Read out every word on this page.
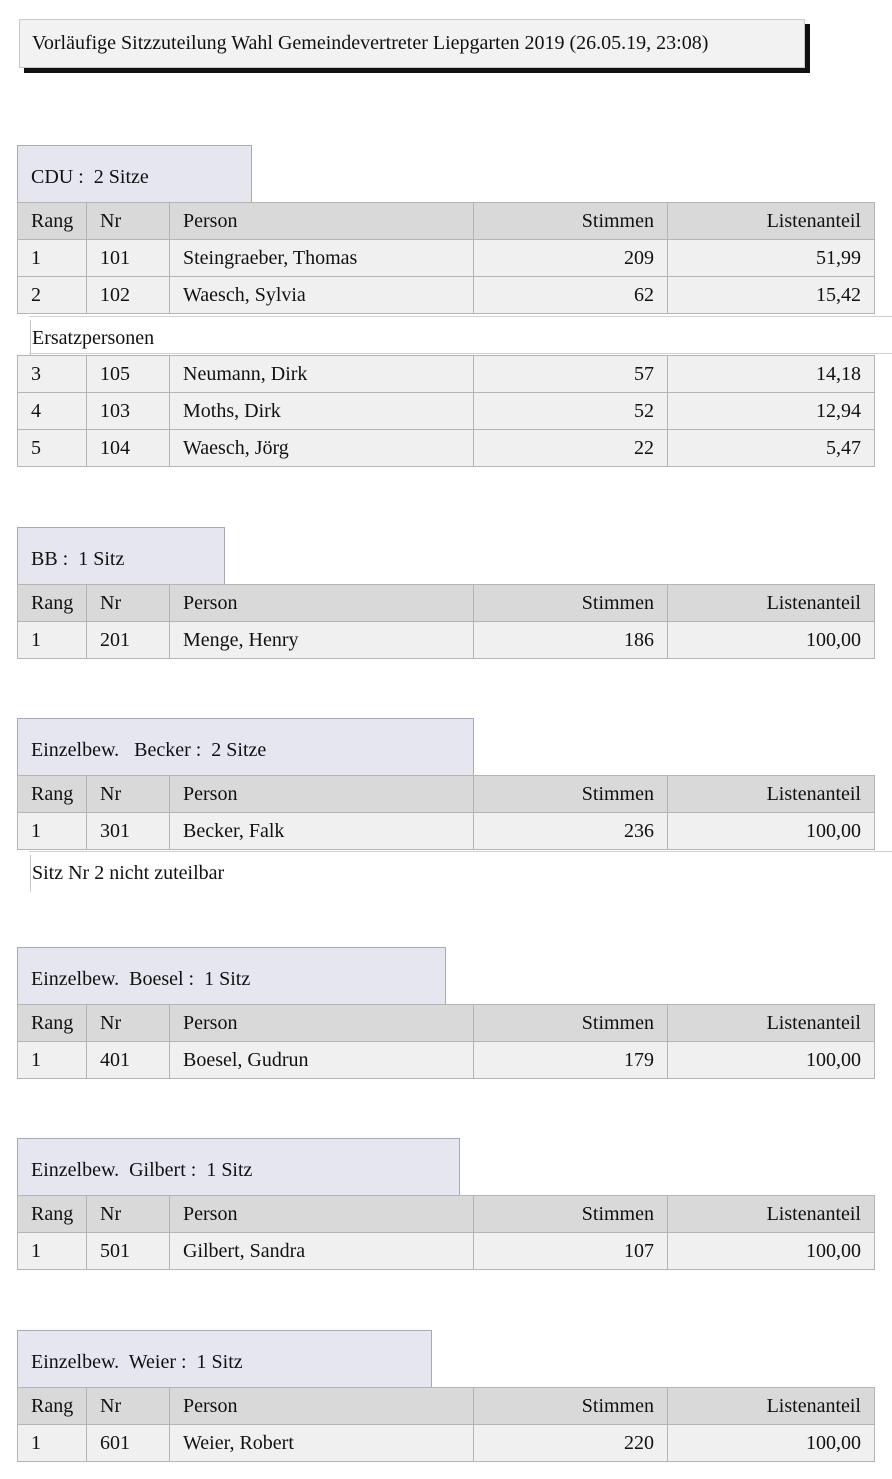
Vorläufige Sitzzuteilung Wahl Gemeindevertreter Liepgarten 2019 (26.05.19, 23:08)
CDU :  2 Sitze
Rang	Nr	Person	Stimmen	Listenanteil
1	101	Steingraeber, Thomas	209	51,99
2	102	Waesch, Sylvia	62	15,42
Ersatzpersonen
3	105	Neumann, Dirk	57	14,18
4	103	Moths, Dirk	52	12,94
5	104	Waesch, Jörg	22	5,47
BB :  1 Sitz
Rang	Nr	Person	Stimmen	Listenanteil
1	201	Menge, Henry	186	100,00
Einzelbew.   Becker :  2 Sitze
Rang	Nr	Person	Stimmen	Listenanteil
1	301	Becker, Falk	236	100,00
Sitz Nr 2 nicht zuteilbar
Einzelbew.  Boesel :  1 Sitz
Rang	Nr	Person	Stimmen	Listenanteil
1	401	Boesel, Gudrun	179	100,00
Einzelbew.  Gilbert :  1 Sitz
Rang	Nr	Person	Stimmen	Listenanteil
1	501	Gilbert, Sandra	107	100,00
Einzelbew.  Weier :  1 Sitz
Rang	Nr	Person	Stimmen	Listenanteil
1	601	Weier, Robert	220	100,00
